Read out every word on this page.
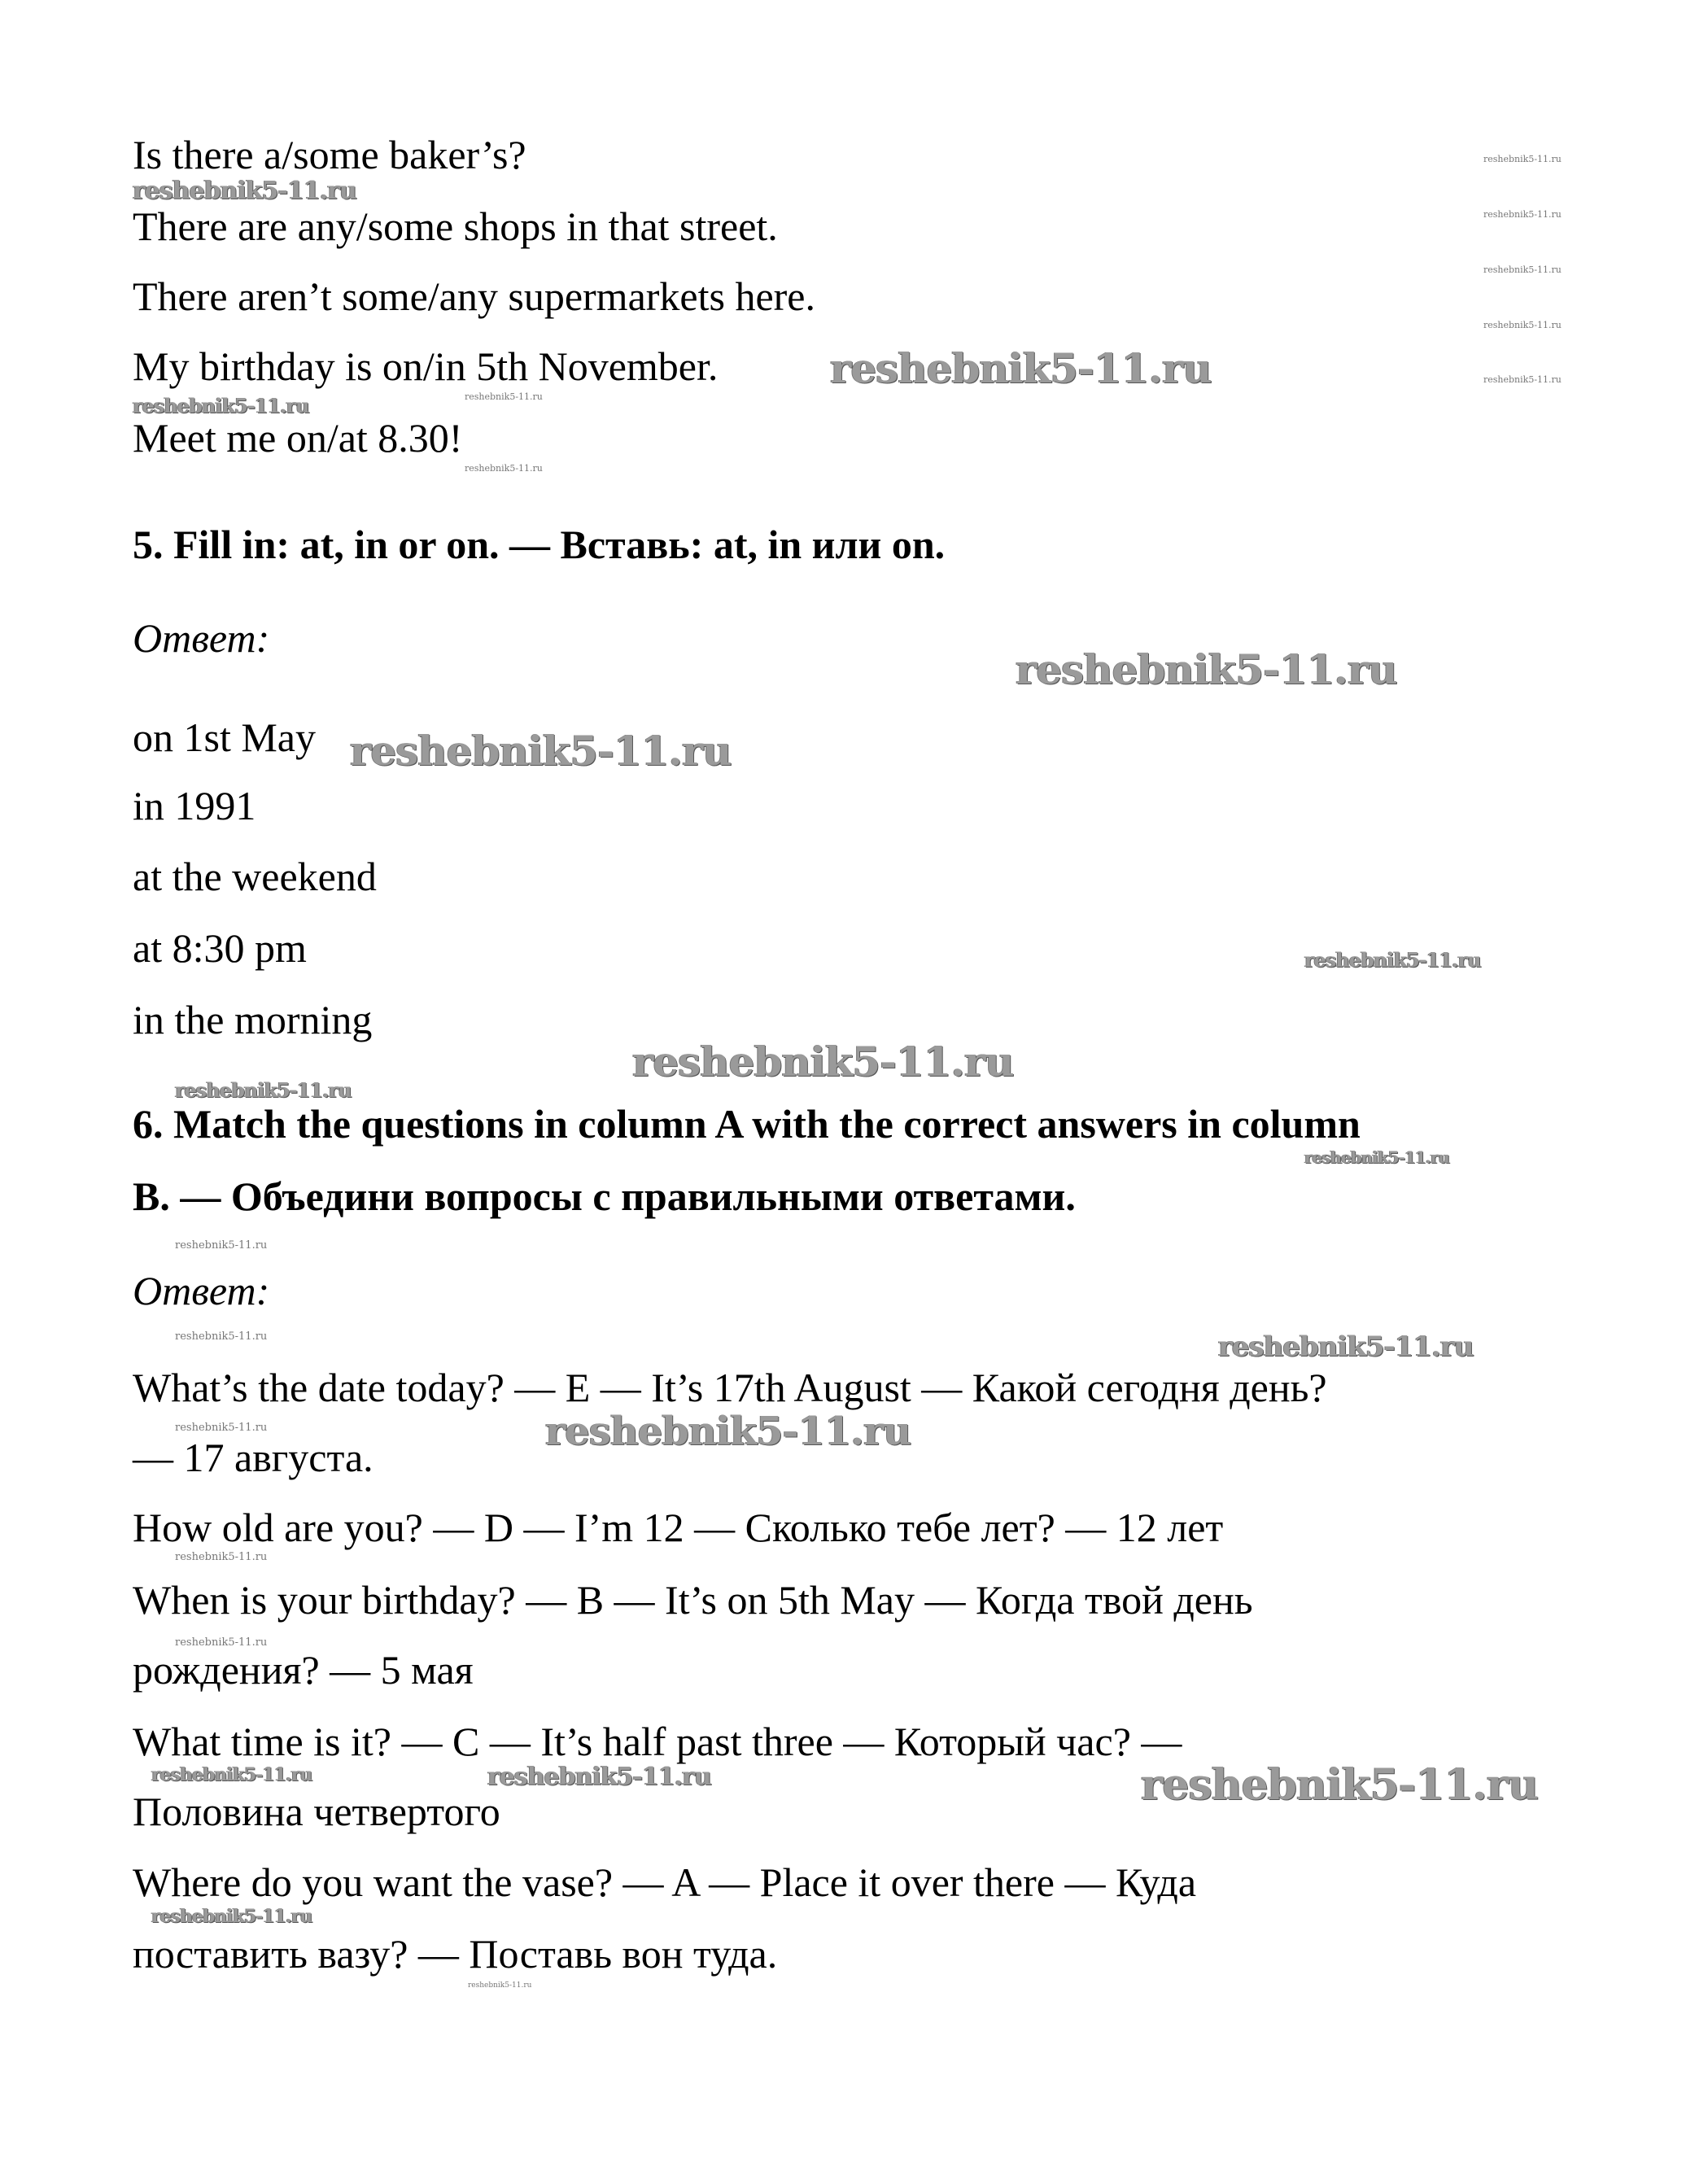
Is there a/some baker’s?
There are any/some shops in that street.
There aren’t some/any supermarkets here.
My birthday is on/in 5th November.
Meet me on/at 8.30!
5. Fill in: at, in or on. — Вставь: at, in или on.
Ответ:
on 1st May
in 1991
at the weekend
at 8:30 pm
in the morning
6. Match the questions in column A with the correct answers in column
B. — Объедини вопросы с правильными ответами.
Ответ:
What’s the date today? — E — It’s 17th August — Какой сегодня день?
— 17 августа.
How old are you? — D — I’m 12 — Сколько тебе лет? — 12 лет
When is your birthday? — B — It’s on 5th May — Когда твой день
рождения? — 5 мая
What time is it? — C — It’s half past three — Который час? —
Половина четвертого
Where do you want the vase? — A — Place it over there — Куда
поставить вазу? — Поставь вон туда.
reshebnik5-11.ru
reshebnik5-11.ru
reshebnik5-11.ru
reshebnik5-11.ru
reshebnik5-11.ru
reshebnik5-11.ru
reshebnik5-11.ru
reshebnik5-11.ru	reshebnik5-11.ru
reshebnik5-11.ru
reshebnik5-11.ru
reshebnik5-11.ru
reshebnik5-11.ru
reshebnik5-11.ru
reshebnik5-11.ru
reshebnik5-11.ru
reshebnik5-11.ru
reshebnik5-11.ru	reshebnik5-11.ru
reshebnik5-11.ru	reshebnik5-11.ru
reshebnik5-11.ru
reshebnik5-11.ru
reshebnik5-11.ru	reshebnik5-11.ru	reshebnik5-11.ru
reshebnik5-11.ru
reshebnik5-11.ru
